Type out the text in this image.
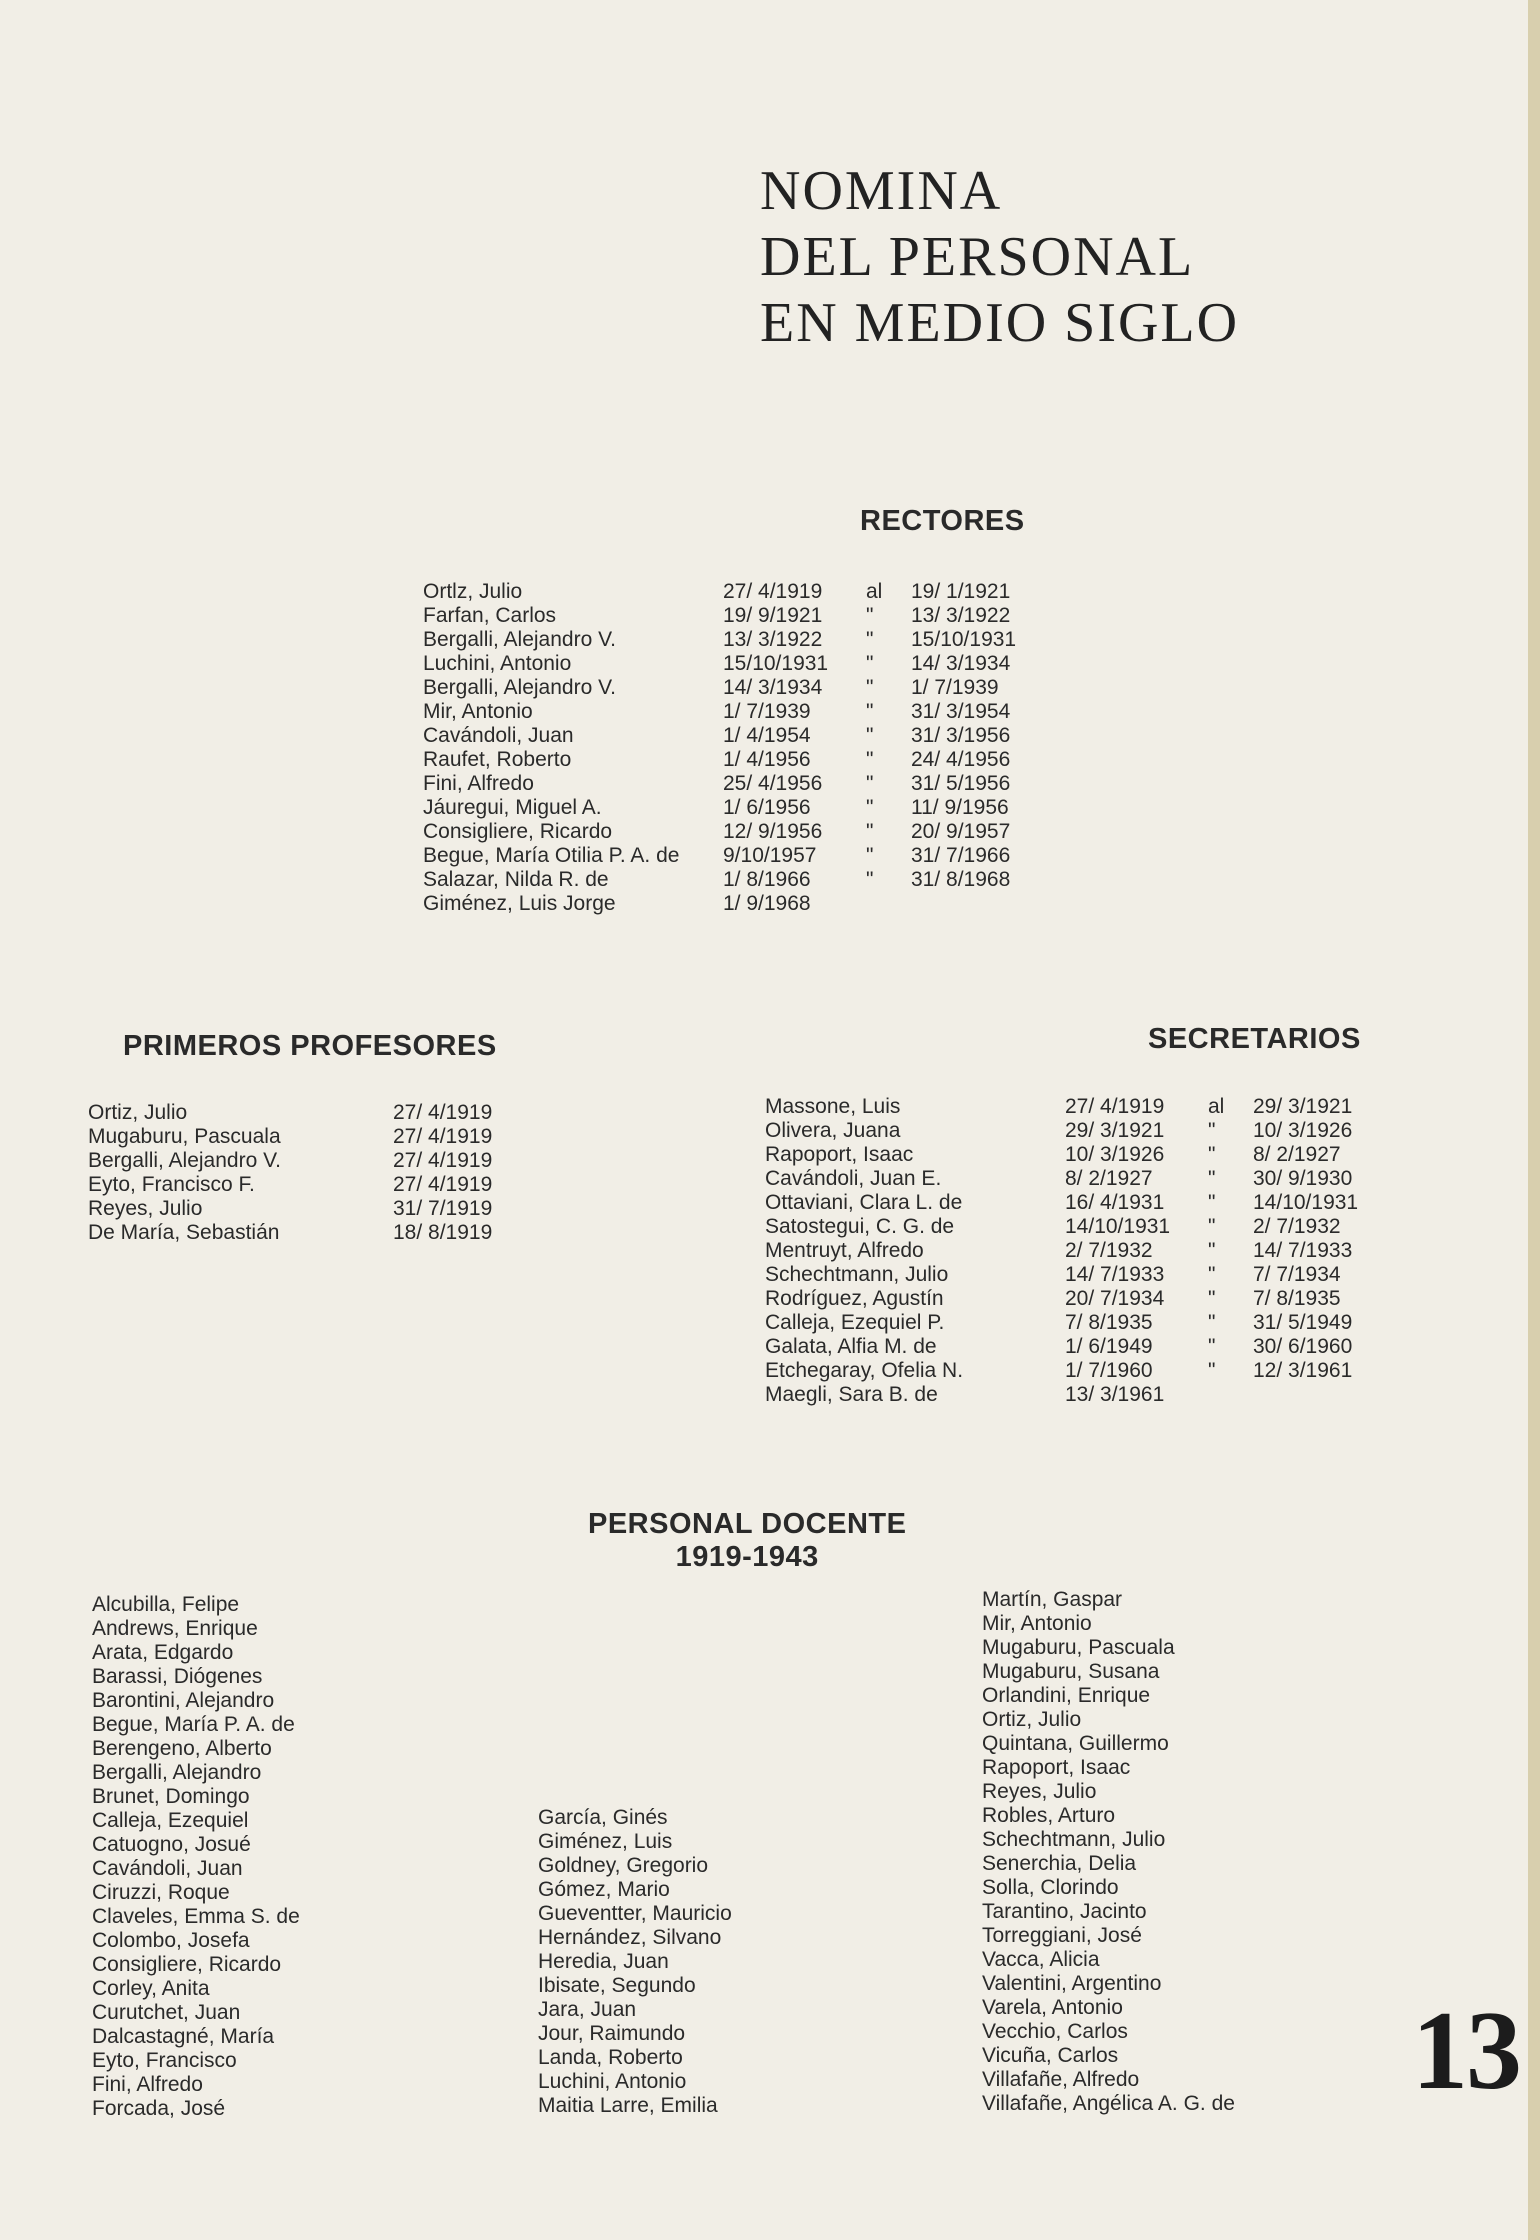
NOMINA
DEL PERSONAL
EN MEDIO SIGLO
RECTORES
Ortlz, Julio	27/ 4/1919 al 19/ 1/1921
Farfan, Carlos	19/ 9/1921 " 13/ 3/1922
Bergalli, Alejandro V.	13/ 3/1922 " 15/10/1931
Luchini, Antonio	15/10/1931 " 14/ 3/1934
Bergalli, Alejandro V.	14/ 3/1934 " 1/ 7/1939
Mir, Antonio	1/ 7/1939	" 31/ 3/1954
Cavándoli, Juan	1/ 4/1954	" 31/ 3/1956
Raufet, Roberto	1/ 4/1956	" 24/ 4/1956
Fini, Alfredo	25/ 4/1956 " 31/ 5/1956
Jáuregui, Miguel A.	1/ 6/1956	" 11/ 9/1956
Consigliere, Ricardo	12/ 9/1956 " 20/ 9/1957
Begue, María Otilia P. A. de 9/10/1957 " 31/ 7/1966
Salazar, Nilda R. de	1/ 8/1966	" 31/ 8/1968
Giménez, Luis Jorge	1/ 9/1968
PRIMEROS PROFESORES
Ortiz, Julio	27/ 4/1919
Mugaburu, Pascuala	27/ 4/1919
Bergalli, Alejandro V.	27/ 4/1919
Eyto, Francisco F.	27/ 4/1919
Reyes, Julio	31/ 7/1919
De María, Sebastián	18/ 8/1919
SECRETARIOS
Massone, Luis	27/ 4/1919 al 29/ 3/1921
Olivera, Juana	29/ 3/1921 " 10/ 3/1926
Rapoport, Isaac	10/ 3/1926 " 8/ 2/1927
Cavándoli, Juan E.	8/ 2/1927	" 30/ 9/1930
Ottaviani, Clara L. de	16/ 4/1931 " 14/10/1931
Satostegui, C. G. de	14/10/1931 " 2/ 7/1932
Mentruyt, Alfredo	2/ 7/1932	" 14/ 7/1933
Schechtmann, Julio	14/ 7/1933 " 7/ 7/1934
Rodríguez, Agustín	20/ 7/1934 " 7/ 8/1935
Calleja, Ezequiel P.	7/ 8/1935	" 31/ 5/1949
Galata, Alfia M. de	1/ 6/1949	" 30/ 6/1960
Etchegaray, Ofelia N.	1/ 7/1960	" 12/ 3/1961
Maegli, Sara B. de	13/ 3/1961
PERSONAL DOCENTE
1919-1943
Alcubilla, Felipe
Andrews, Enrique
Arata, Edgardo
Barassi, Diógenes
Barontini, Alejandro
Begue, María P. A. de
Berengeno, Alberto
Bergalli, Alejandro
Brunet, Domingo
Calleja, Ezequiel
Catuogno, Josué
Cavándoli, Juan
Ciruzzi, Roque
Claveles, Emma S. de
Colombo, Josefa
Consigliere, Ricardo
Corley, Anita
Curutchet, Juan
Dalcastagné, María
Eyto, Francisco
Fini, Alfredo
Forcada, José
García, Ginés
Giménez, Luis
Goldney, Gregorio
Gómez, Mario
Gueventter, Mauricio
Hernández, Silvano
Heredia, Juan
Ibisate, Segundo
Jara, Juan
Jour, Raimundo
Landa, Roberto
Luchini, Antonio
Maitia Larre, Emilia
Martín, Gaspar
Mir, Antonio
Mugaburu, Pascuala
Mugaburu, Susana
Orlandini, Enrique
Ortiz, Julio
Quintana, Guillermo
Rapoport, Isaac
Reyes, Julio
Robles, Arturo
Schechtmann, Julio
Senerchia, Delia
Solla, Clorindo
Tarantino, Jacinto
Torreggiani, José
Vacca, Alicia
Valentini, Argentino
Varela, Antonio
Vecchio, Carlos
Vicuña, Carlos
Villafañe, Alfredo
Villafañe, Angélica A. G. de 13
